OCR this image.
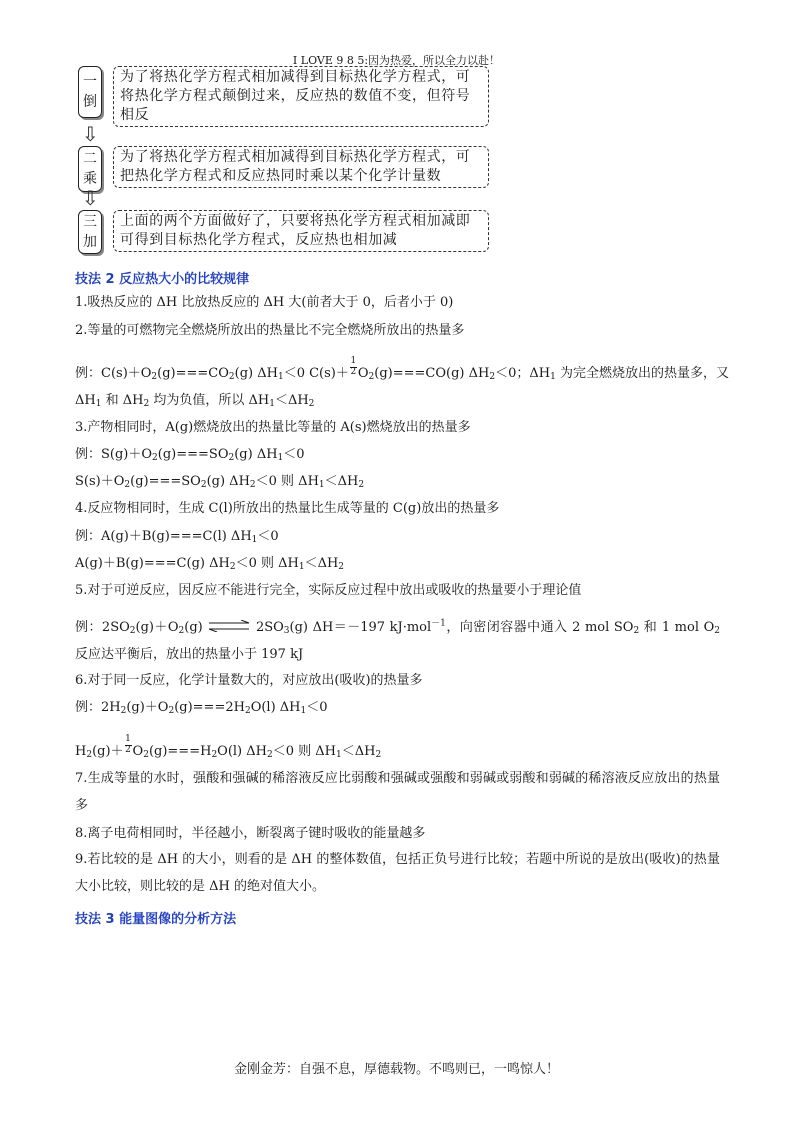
I LOVE 9 8 5:因为热爱，所以全力以赴！
一
倒
为了将热化学方程式相加减得到目标热化学方程式，可将热化学方程式颠倒过来，反应热的数值不变，但符号相反
⇩
二
乘
为了将热化学方程式相加减得到目标热化学方程式，可把热化学方程式和反应热同时乘以某个化学计量数
⇩
三
加
上面的两个方面做好了，只要将热化学方程式相加减即可得到目标热化学方程式，反应热也相加减
技法 2 反应热大小的比较规律
1.吸热反应的 ΔH 比放热反应的 ΔH 大(前者大于 0，后者小于 0)
2.等量的可燃物完全燃烧所放出的热量比不完全燃烧所放出的热量多
例：$C(s)+O_2(g)===CO_2(g)$ $\Delta H_1<0$ $C(s)+ \frac{1}{2} O_2(g)===CO(g)$ $\Delta H_2<0$；$\Delta H_1$ 为完全燃烧放出的热量多，又
$\Delta H_1$ 和 $\Delta H_2$ 均为负值，所以 $\Delta H_1<\Delta H_2$
3.产物相同时，A(g)燃烧放出的热量比等量的 A(s)燃烧放出的热量多
例：$S(g)+O_2(g)===SO_2(g)$ $\Delta H_1<0$
$S(s)+O_2(g)===SO_2(g)$ $\Delta H_2<0$ 则 $\Delta H_1<\Delta H_2$
4.反应物相同时，生成 C(l)所放出的热量比生成等量的 C(g)放出的热量多
例：A(g)＋B(g)===C(l) $\Delta H_1<0$
A(g)＋B(g)===C(g) $\Delta H_2<0$ 则 $\Delta H_1<\Delta H_2$
5.对于可逆反应，因反应不能进行完全，实际反应过程中放出或吸收的热量要小于理论值
例：$2SO_2(g)+O_2(g)$ ⇌ $2SO_3(g)$ ΔH＝－197 kJ·mol$^{-1}$，向密闭容器中通入 2 mol $SO_2$ 和 1 mol $O_2$ 反应达平衡后，放出的热量小于 197 kJ
6.对于同一反应，化学计量数大的，对应放出(吸收)的热量多
例：$2H_2(g)+O_2(g)===2H_2O(l)$ $\Delta H_1<0$
$H_2(g)+ \frac{1}{2} O_2(g)===H_2O(l)$ $\Delta H_2<0$ 则 $\Delta H_1<\Delta H_2$
7.生成等量的水时，强酸和强碱的稀溶液反应比弱酸和强碱或强酸和弱碱或弱酸和弱碱的稀溶液反应放出的热量多
8.离子电荷相同时，半径越小，断裂离子键时吸收的能量越多
9.若比较的是 ΔH 的大小，则看的是 ΔH 的整体数值，包括正负号进行比较；若题中所说的是放出(吸收)的热量大小比较，则比较的是 ΔH 的绝对值大小。
技法 3 能量图像的分析方法
金刚金芳：自强不息，厚德载物。不鸣则已，一鸣惊人！
